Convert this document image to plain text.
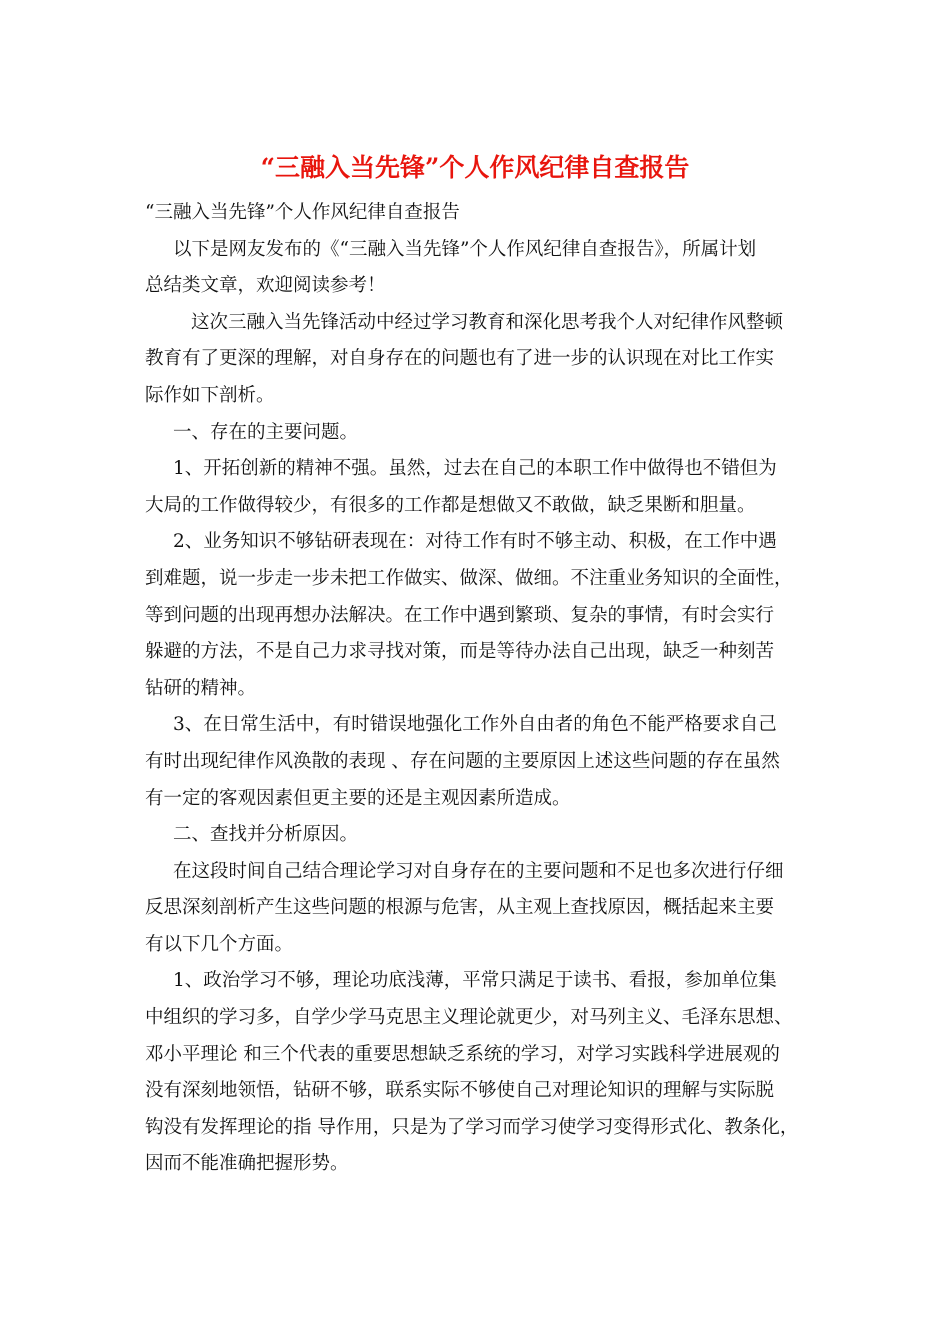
“三融入当先锋”个人作风纪律自查报告
“三融入当先锋”个人作风纪律自查报告
以下是网友发布的《“三融入当先锋”个人作风纪律自查报告》，所属计划
总结类文章，欢迎阅读参考！
这次三融入当先锋活动中经过学习教育和深化思考我个人对纪律作风整顿
教育有了更深的理解，对自身存在的问题也有了进一步的认识现在对比工作实
际作如下剖析。
一、存在的主要问题。
1、开拓创新的精神不强。虽然，过去在自己的本职工作中做得也不错但为
大局的工作做得较少，有很多的工作都是想做又不敢做，缺乏果断和胆量。
2、业务知识不够钻研表现在：对待工作有时不够主动、积极，在工作中遇
到难题，说一步走一步未把工作做实、做深、做细。不注重业务知识的全面性，
等到问题的出现再想办法解决。在工作中遇到繁琐、复杂的事情，有时会实行
躲避的方法，不是自己力求寻找对策，而是等待办法自己出现，缺乏一种刻苦
钻研的精神。
3、在日常生活中，有时错误地强化工作外自由者的角色不能严格要求自己
有时出现纪律作风涣散的表现 、存在问题的主要原因上述这些问题的存在虽然
有一定的客观因素但更主要的还是主观因素所造成。
二、查找并分析原因。
在这段时间自己结合理论学习对自身存在的主要问题和不足也多次进行仔细
反思深刻剖析产生这些问题的根源与危害，从主观上查找原因，概括起来主要
有以下几个方面。
1、政治学习不够，理论功底浅薄，平常只满足于读书、看报，参加单位集
中组织的学习多，自学少学马克思主义理论就更少，对马列主义、毛泽东思想、
邓小平理论 和三个代表的重要思想缺乏系统的学习，对学习实践科学进展观的
没有深刻地领悟，钻研不够，联系实际不够使自己对理论知识的理解与实际脱
钩没有发挥理论的指 导作用，只是为了学习而学习使学习变得形式化、教条化，
因而不能准确把握形势。
